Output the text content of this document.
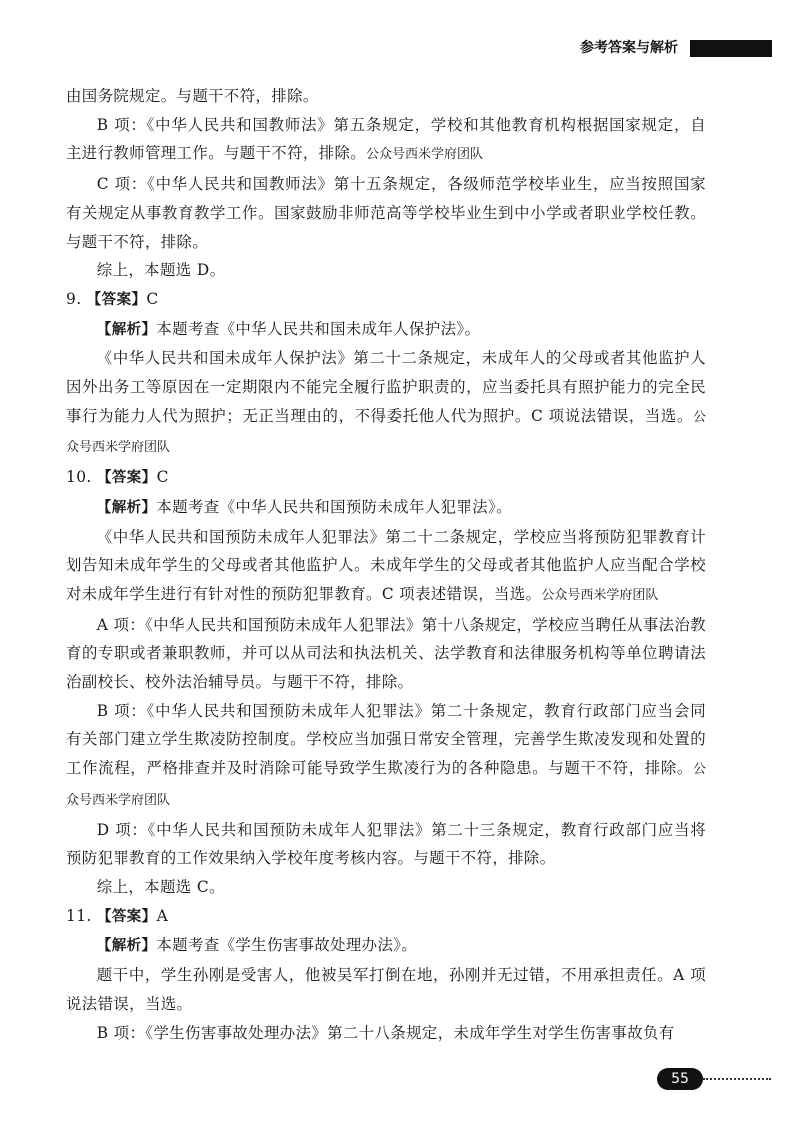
参考答案与解析

由国务院规定。与题干不符，排除。

B 项：《中华人民共和国教师法》第五条规定，学校和其他教育机构根据国家规定，自主进行教师管理工作。与题干不符，排除。公众号西米学府团队

C 项：《中华人民共和国教师法》第十五条规定，各级师范学校毕业生，应当按照国家有关规定从事教育教学工作。国家鼓励非师范高等学校毕业生到中小学或者职业学校任教。与题干不符，排除。

综上，本题选 D。

9. 【答案】C

【解析】本题考查《中华人民共和国未成年人保护法》。

《中华人民共和国未成年人保护法》第二十二条规定，未成年人的父母或者其他监护人因外出务工等原因在一定期限内不能完全履行监护职责的，应当委托具有照护能力的完全民事行为能力人代为照护；无正当理由的，不得委托他人代为照护。C 项说法错误，当选。公众号西米学府团队

10. 【答案】C

【解析】本题考查《中华人民共和国预防未成年人犯罪法》。

《中华人民共和国预防未成年人犯罪法》第二十二条规定，学校应当将预防犯罪教育计划告知未成年学生的父母或者其他监护人。未成年学生的父母或者其他监护人应当配合学校对未成年学生进行有针对性的预防犯罪教育。C 项表述错误，当选。公众号西米学府团队

A 项：《中华人民共和国预防未成年人犯罪法》第十八条规定，学校应当聘任从事法治教育的专职或者兼职教师，并可以从司法和执法机关、法学教育和法律服务机构等单位聘请法治副校长、校外法治辅导员。与题干不符，排除。

B 项：《中华人民共和国预防未成年人犯罪法》第二十条规定，教育行政部门应当会同有关部门建立学生欺凌防控制度。学校应当加强日常安全管理，完善学生欺凌发现和处置的工作流程，严格排查并及时消除可能导致学生欺凌行为的各种隐患。与题干不符，排除。公众号西米学府团队

D 项：《中华人民共和国预防未成年人犯罪法》第二十三条规定，教育行政部门应当将预防犯罪教育的工作效果纳入学校年度考核内容。与题干不符，排除。

综上，本题选 C。

11. 【答案】A

【解析】本题考查《学生伤害事故处理办法》。

题干中，学生孙刚是受害人，他被吴军打倒在地，孙刚并无过错，不用承担责任。A 项说法错误，当选。

B 项：《学生伤害事故处理办法》第二十八条规定，未成年学生对学生伤害事故负有

55
